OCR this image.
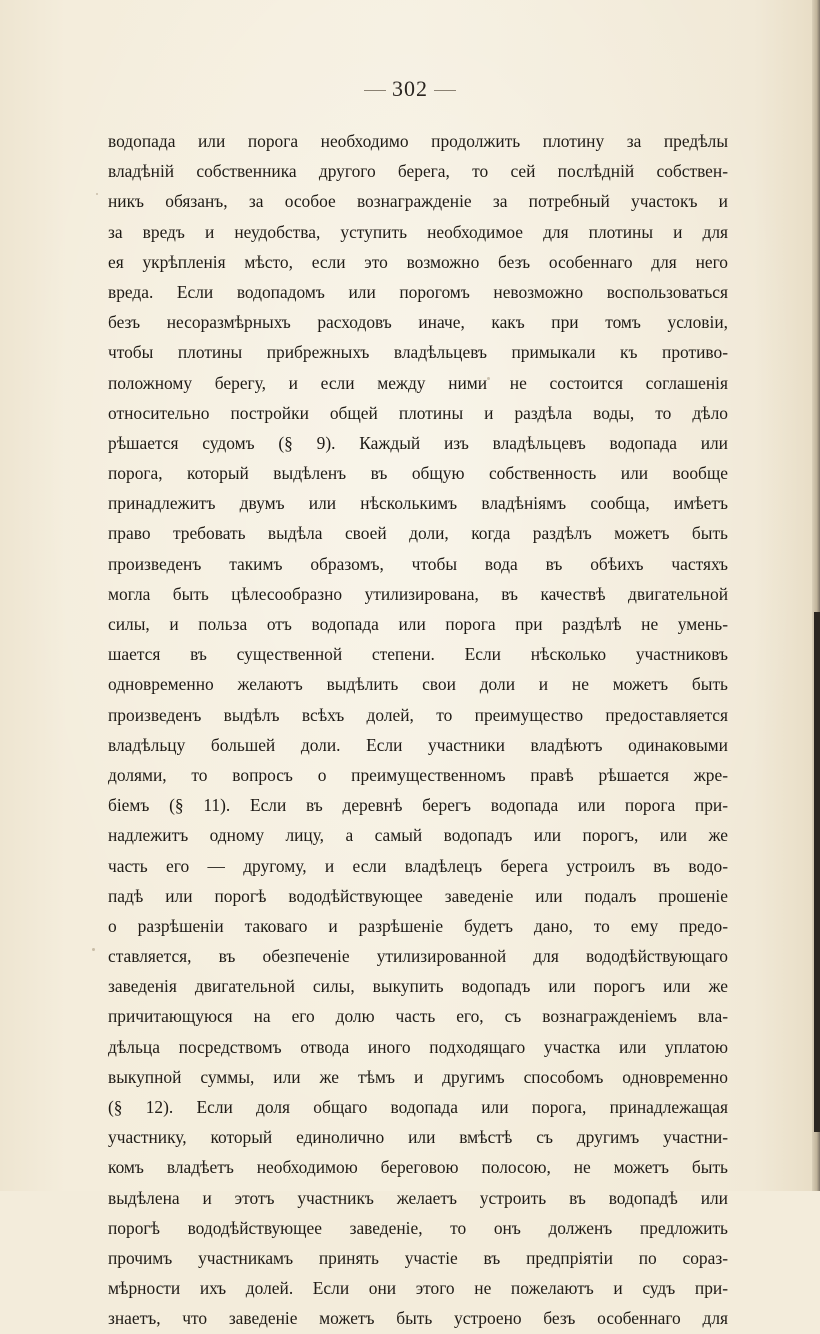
302
водопада или порога необходимо продолжить плотину за предѣлы
владѣній собственника другого берега, то сей послѣдній собствен-
никъ обязанъ, за особое вознагражденіе за потребный участокъ и
за вредъ и неудобства, уступить необходимое для плотины и для
ея укрѣпленія мѣсто, если это возможно безъ особеннаго для него
вреда. Если водопадомъ или порогомъ невозможно воспользоваться
безъ несоразмѣрныхъ расходовъ иначе, какъ при томъ условіи,
чтобы плотины прибрежныхъ владѣльцевъ примыкали къ противо-
положному берегу, и если между ними не состоится соглашенія
относительно постройки общей плотины и раздѣла воды, то дѣло
рѣшается судомъ (§ 9). Каждый изъ владѣльцевъ водопада или
порога, который выдѣленъ въ общую собственность или вообще
принадлежитъ двумъ или нѣсколькимъ владѣніямъ сообща, имѣетъ
право требовать выдѣла своей доли, когда раздѣлъ можетъ быть
произведенъ такимъ образомъ, чтобы вода въ обѣихъ частяхъ
могла быть цѣлесообразно утилизирована, въ качествѣ двигательной
силы, и польза отъ водопада или порога при раздѣлѣ не умень-
шается въ существенной степени. Если нѣсколько участниковъ
одновременно желаютъ выдѣлить свои доли и не можетъ быть
произведенъ выдѣлъ всѣхъ долей, то преимущество предоставляется
владѣльцу большей доли. Если участники владѣютъ одинаковыми
долями, то вопросъ о преимущественномъ правѣ рѣшается жре-
біемъ (§ 11). Если въ деревнѣ берегъ водопада или порога при-
надлежитъ одному лицу, а самый водопадъ или порогъ, или же
часть его — другому, и если владѣлецъ берега устроилъ въ водо-
падѣ или порогѣ вододѣйствующее заведеніе или подалъ прошеніе
о разрѣшеніи таковаго и разрѣшеніе будетъ дано, то ему предо-
ставляется, въ обезпеченіе утилизированной для вододѣйствующаго
заведенія двигательной силы, выкупить водопадъ или порогъ или же
причитающуюся на его долю часть его, съ вознагражденіемъ вла-
дѣльца посредствомъ отвода иного подходящаго участка или уплатою
выкупной суммы, или же тѣмъ и другимъ способомъ одновременно
(§ 12). Если доля общаго водопада или порога, принадлежащая
участнику, который единолично или вмѣстѣ съ другимъ участни-
комъ владѣетъ необходимою береговою полосою, не можетъ быть
выдѣлена и этотъ участникъ желаетъ устроить въ водопадѣ или
порогѣ вододѣйствующее заведеніе, то онъ долженъ предложить
прочимъ участникамъ принять участіе въ предпріятіи по сораз-
мѣрности ихъ долей. Если они этого не пожелаютъ и судъ при-
знаетъ, что заведеніе можетъ быть устроено безъ особеннаго для
